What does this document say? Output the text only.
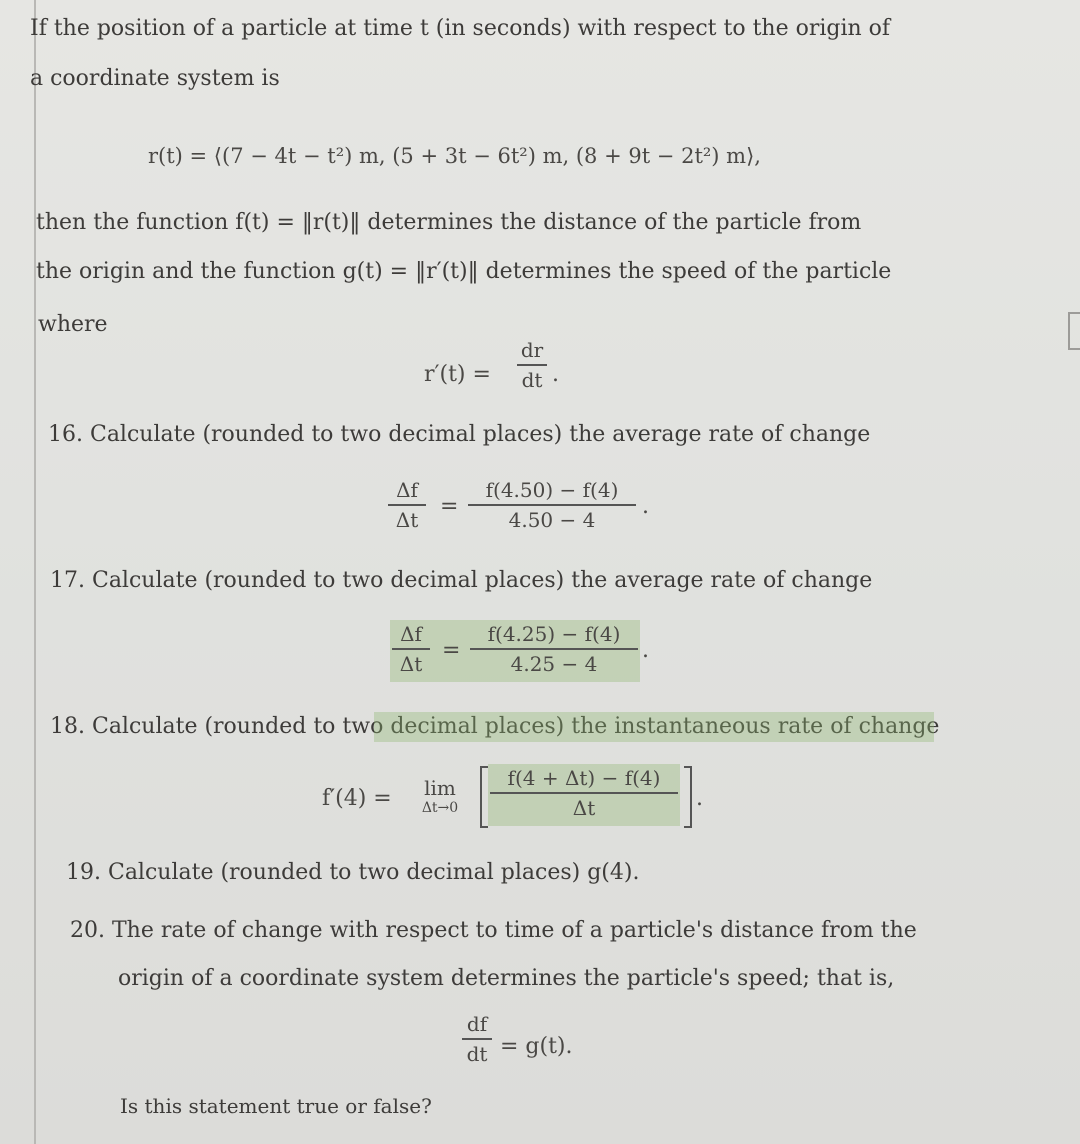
If the position of a particle at time t (in seconds) with respect to the origin of
a coordinate system is
r(t) = ⟨(7 − 4t − t²) m, (5 + 3t − 6t²) m, (8 + 9t − 2t²) m⟩,
then the function f(t) = ‖r(t)‖ determines the distance of the particle from
the origin and the function g(t) = ‖r′(t)‖ determines the speed of the particle
where
r′(t) =
dr
dt .
16. Calculate (rounded to two decimal places) the average rate of change
Δf
Δt
=
f(4.50) − f(4)
4.50 − 4
.
17. Calculate (rounded to two decimal places) the average rate of change
Δf
Δt
=
f(4.25) − f(4)
4.25 − 4
.
18. Calculate (rounded to two decimal places) the instantaneous rate of change
f′(4) = lim
Δt→0
f(4 + Δt) − f(4)
Δt	.
19. Calculate (rounded to two decimal places) g(4).
20. The rate of change with respect to time of a particle's distance from the
origin of a coordinate system determines the particle's speed; that is,
df
dt = g(t).
Is this statement true or false?
